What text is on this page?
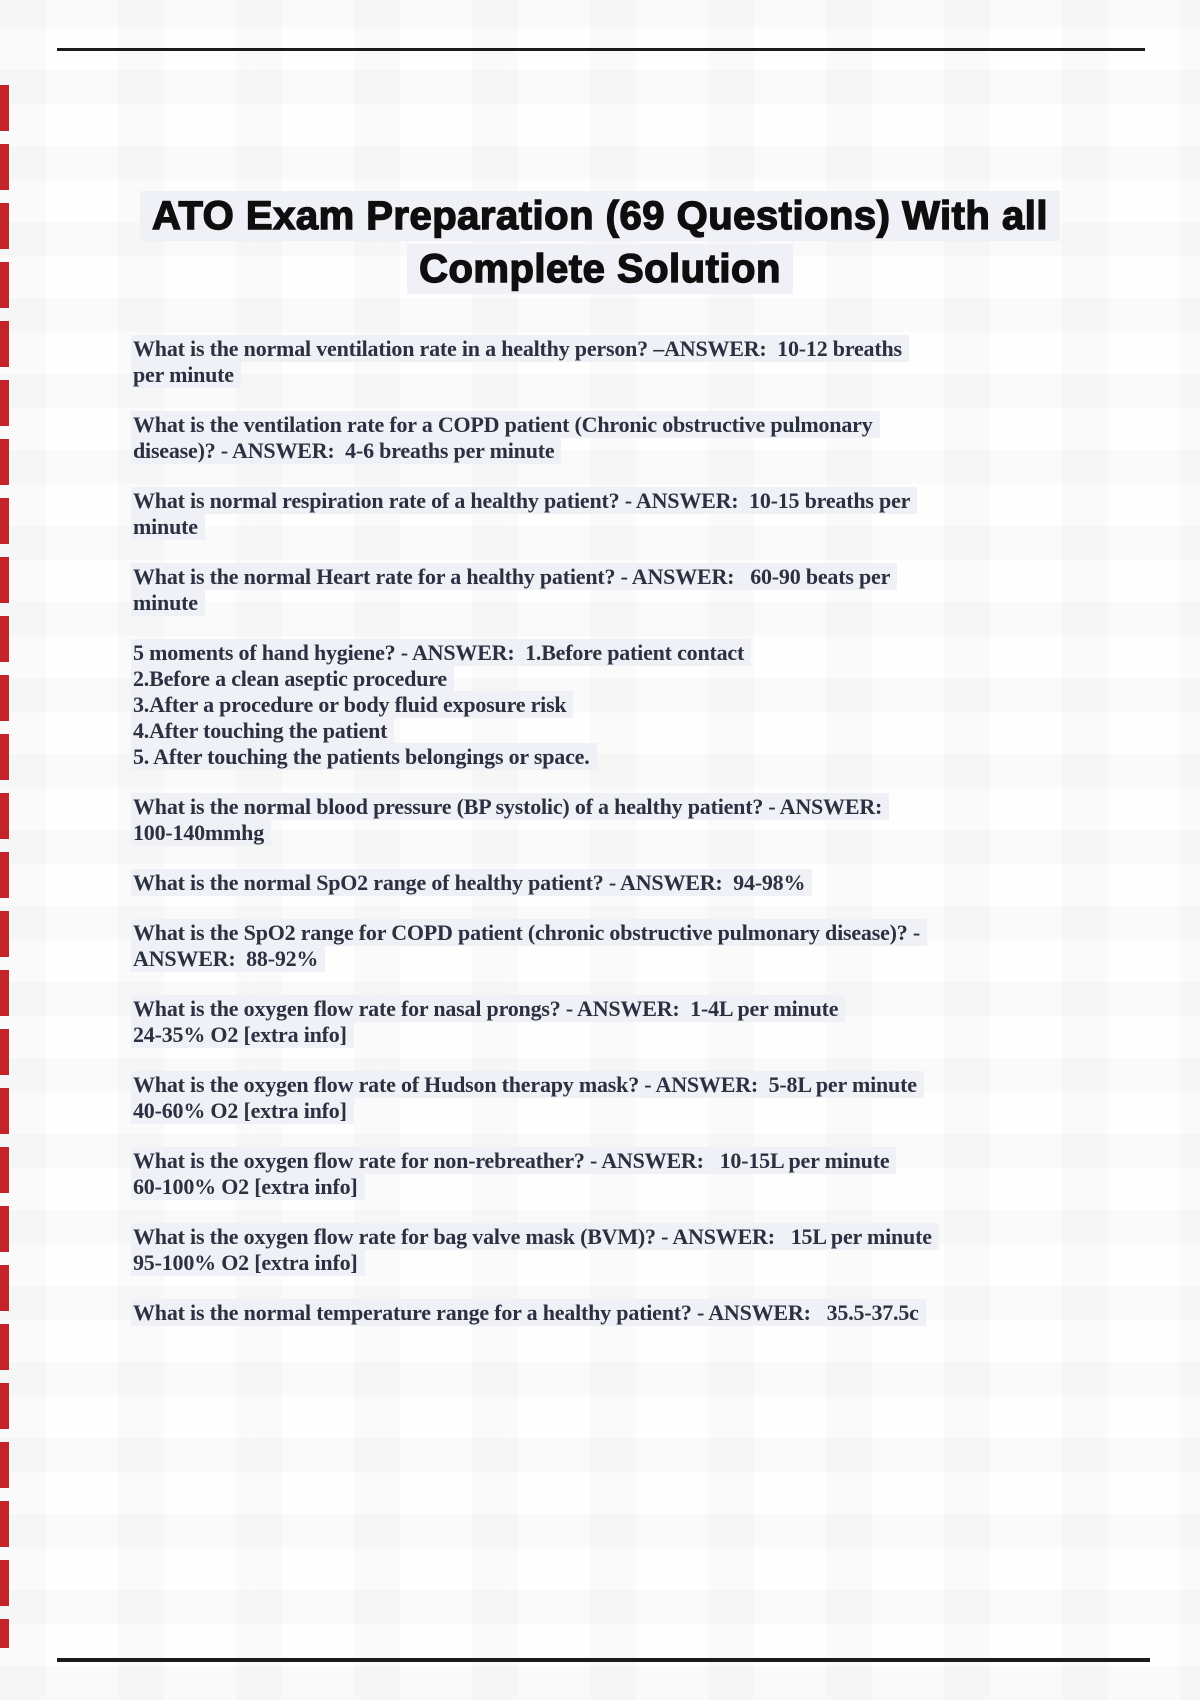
ATO Exam Preparation (69 Questions) With all Complete Solution

What is the normal ventilation rate in a healthy person? –ANSWER:  10-12 breaths
per minute

What is the ventilation rate for a COPD patient (Chronic obstructive pulmonary
disease)? - ANSWER:  4-6 breaths per minute

What is normal respiration rate of a healthy patient? - ANSWER:  10-15 breaths per
minute

What is the normal Heart rate for a healthy patient? - ANSWER:   60-90 beats per
minute

5 moments of hand hygiene? - ANSWER:  1.Before patient contact
2.Before a clean aseptic procedure
3.After a procedure or body fluid exposure risk
4.After touching the patient
5. After touching the patients belongings or space.

What is the normal blood pressure (BP systolic) of a healthy patient? - ANSWER:
100-140mmhg

What is the normal SpO2 range of healthy patient? - ANSWER:  94-98%

What is the SpO2 range for COPD patient (chronic obstructive pulmonary disease)? -
ANSWER:  88-92%

What is the oxygen flow rate for nasal prongs? - ANSWER:  1-4L per minute
24-35% O2 [extra info]

What is the oxygen flow rate of Hudson therapy mask? - ANSWER:  5-8L per minute
40-60% O2 [extra info]

What is the oxygen flow rate for non-rebreather? - ANSWER:   10-15L per minute
60-100% O2 [extra info]

What is the oxygen flow rate for bag valve mask (BVM)? - ANSWER:   15L per minute
95-100% O2 [extra info]

What is the normal temperature range for a healthy patient? - ANSWER:   35.5-37.5c
